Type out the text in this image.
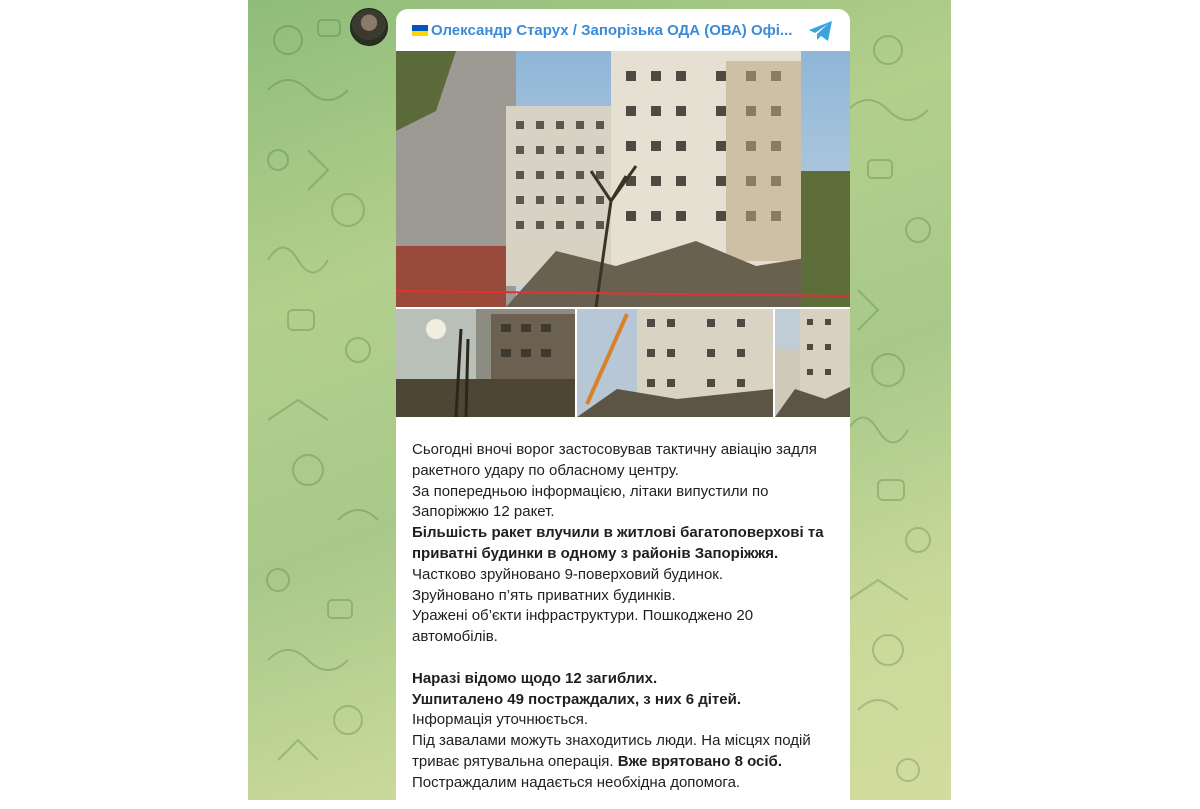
Олександр Старух / Запорізька ОДА (ОВА) Офі...

Сьогодні вночі ворог застосовував тактичну авіацію задля ракетного удару по обласному центру.

За попередньою інформацією, літаки випустили по Запоріжжю 12 ракет.

Більшість ракет влучили в житлові багатоповерхові та приватні будинки в одному з районів Запоріжжя.

Частково зруйновано 9-поверховий будинок.

Зруйновано п’ять приватних будинків.

Уражені об’єкти інфраструктури. Пошкоджено 20 автомобілів.

Наразі відомо щодо 12 загиблих.

Ушпиталено 49 постраждалих, з них 6 дітей.

Інформація уточнюється.

Під завалами можуть знаходитись люди. На місцях подій триває рятувальна операція. Вже врятовано 8 осіб.

Постраждалим надається необхідна допомога.
